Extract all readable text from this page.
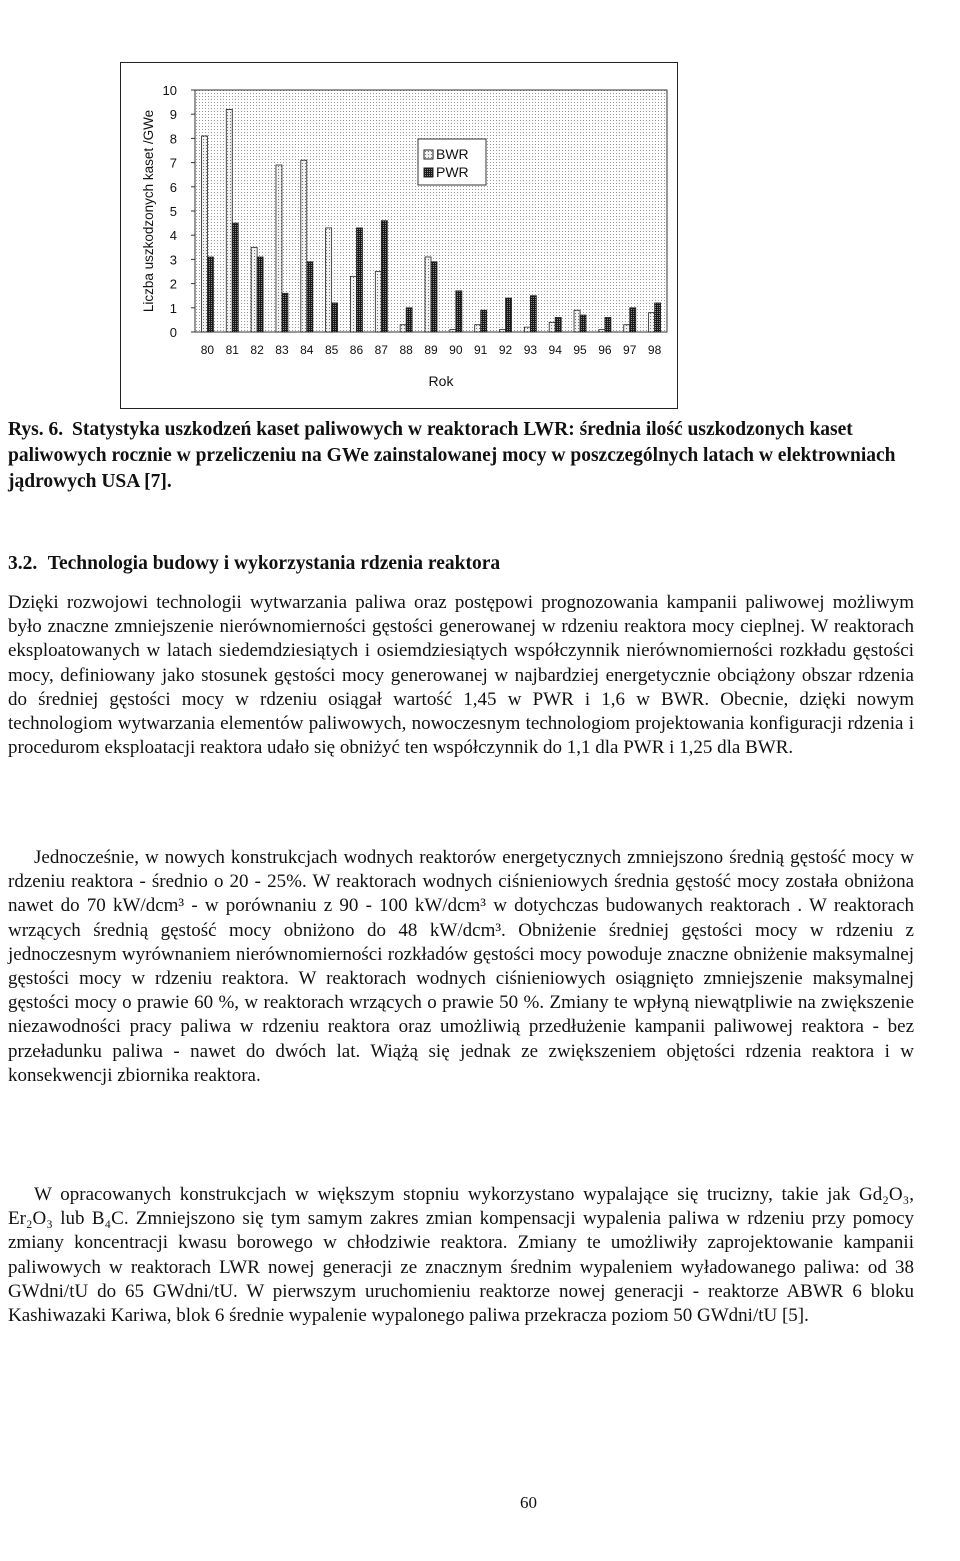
0
1
2
3
4
5
6
7
8
9
10
80 81 82 83 84 85 86 87 88 89 90 91 92 93 94 95 96 97 98
Liczba uszkodzonych kaset /GWe
Rok
BWR
PWR
Rys. 6. Statystyka uszkodzeń kaset paliwowych w reaktorach LWR: średnia ilość uszkodzonych kaset paliwowych rocznie w przeliczeniu na GWe zainstalowanej mocy w poszczególnych latach w elektrowniach jądrowych USA [7].
3.2. Technologia budowy i wykorzystania rdzenia reaktora

Dzięki rozwojowi technologii wytwarzania paliwa oraz postępowi prognozowania kampanii paliwowej możliwym było znaczne zmniejszenie nierównomierności gęstości generowanej w rdzeniu reaktora mocy cieplnej. W reaktorach eksploatowanych w latach siedemdziesiątych i osiemdziesiątych współczynnik nierównomierności rozkładu gęstości mocy, definiowany jako stosunek gęstości mocy generowanej w najbardziej energetycznie obciążony obszar rdzenia do średniej gęstości mocy w rdzeniu osiągał wartość 1,45 w PWR i 1,6 w BWR. Obecnie, dzięki nowym technologiom wytwarzania elementów paliwowych, nowoczesnym technologiom projektowania konfiguracji rdzenia i procedurom eksploatacji reaktora udało się obniżyć ten współczynnik do 1,1 dla PWR i 1,25 dla BWR.

Jednocześnie, w nowych konstrukcjach wodnych reaktorów energetycznych zmniejszono średnią gęstość mocy w rdzeniu reaktora - średnio o 20 - 25%. W reaktorach wodnych ciśnieniowych średnia gęstość mocy została obniżona nawet do 70 kW/dcm³ - w porównaniu z 90 - 100 kW/dcm³ w dotychczas budowanych reaktorach . W reaktorach wrzących średnią gęstość mocy obniżono do 48 kW/dcm³. Obniżenie średniej gęstości mocy w rdzeniu z jednoczesnym wyrównaniem nierównomierności rozkładów gęstości mocy powoduje znaczne obniżenie maksymalnej gęstości mocy w rdzeniu reaktora. W reaktorach wodnych ciśnieniowych osiągnięto zmniejszenie maksymalnej gęstości mocy o prawie 60 %, w reaktorach wrzących o prawie 50 %. Zmiany te wpłyną niewątpliwie na zwiększenie niezawodności pracy paliwa w rdzeniu reaktora oraz umożliwią przedłużenie kampanii paliwowej reaktora - bez przeładunku paliwa - nawet do dwóch lat. Wiążą się jednak ze zwiększeniem objętości rdzenia reaktora i w konsekwencji zbiornika reaktora.

W opracowanych konstrukcjach w większym stopniu wykorzystano wypalające się trucizny, takie jak Gd₂O₃, Er₂O₃ lub B₄C. Zmniejszono się tym samym zakres zmian kompensacji wypalenia paliwa w rdzeniu przy pomocy zmiany koncentracji kwasu borowego w chłodziwie reaktora. Zmiany te umożliwiły zaprojektowanie kampanii paliwowych w reaktorach LWR nowej generacji ze znacznym średnim wypaleniem wyładowanego paliwa: od 38 GWdni/tU do 65 GWdni/tU. W pierwszym uruchomieniu reaktorze nowej generacji - reaktorze ABWR 6 bloku Kashiwazaki Kariwa, blok 6 średnie wypalenie wypalonego paliwa przekracza poziom 50 GWdni/tU [5].

60
